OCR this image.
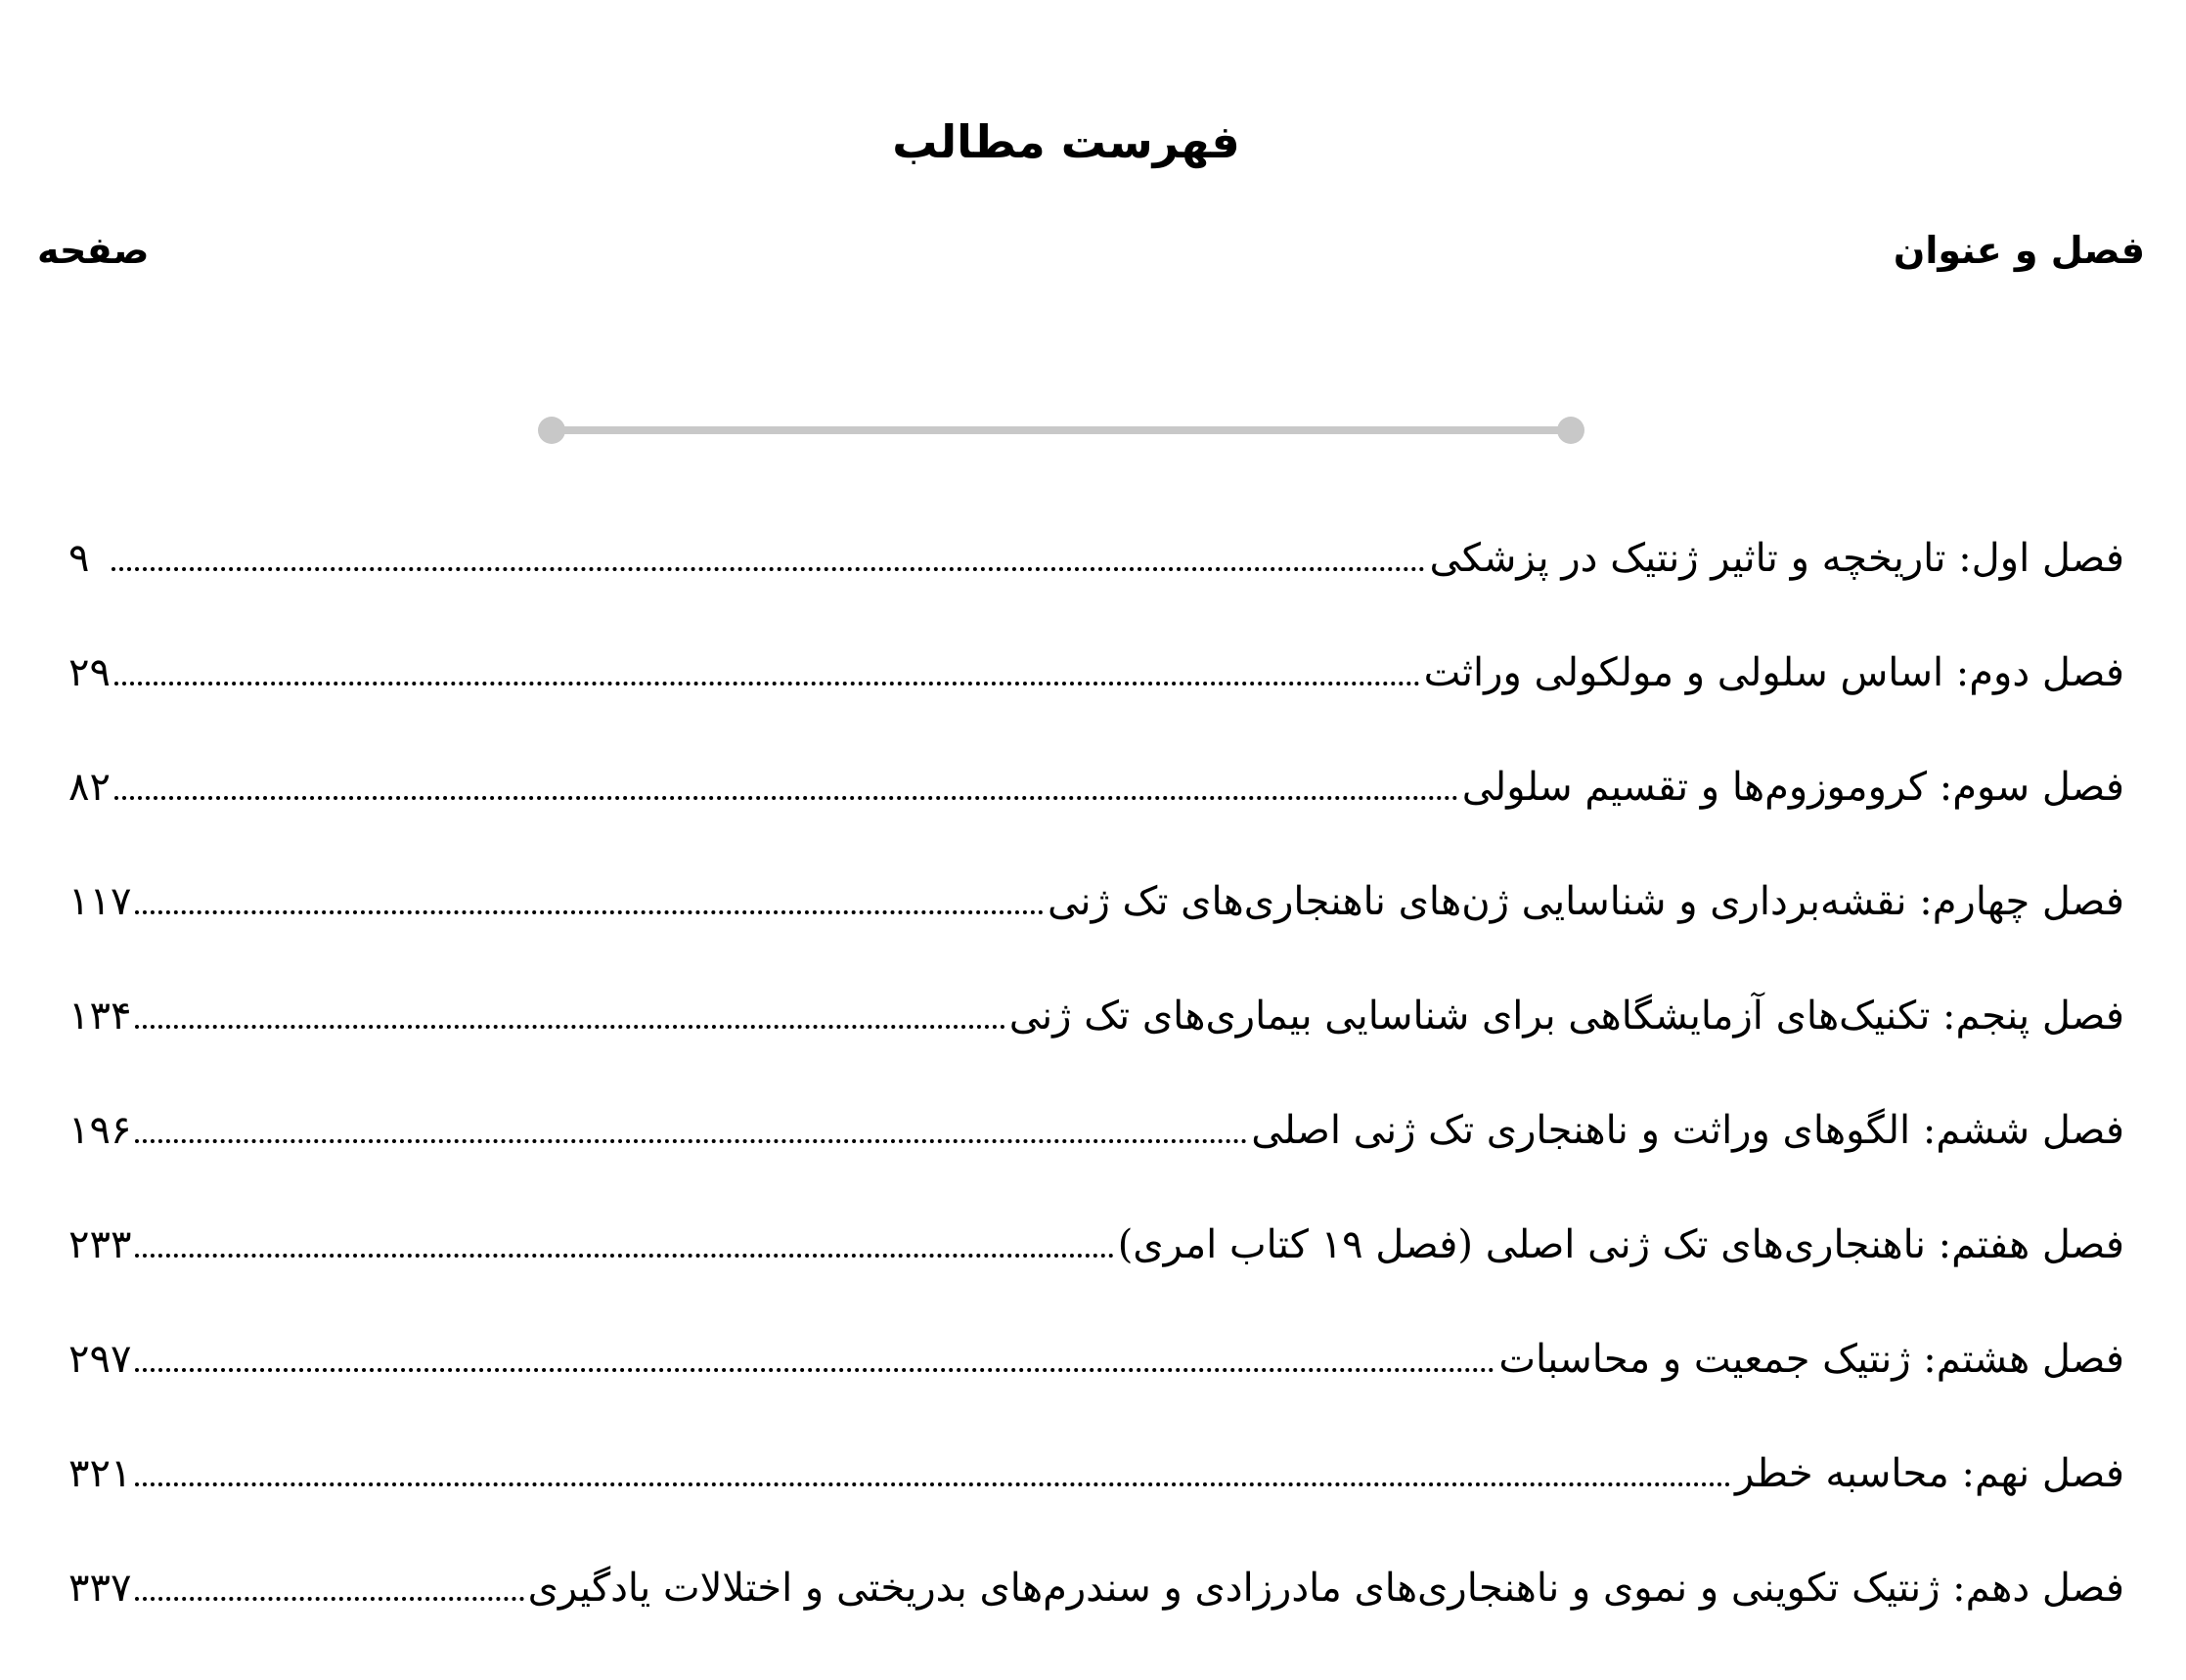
فهرست مطالب
فصل و عنوان
صفحه
فصل اول: تاریخچه و تاثیر ژنتیک در پزشکی
۹
فصل دوم: اساس سلولی و مولکولی وراثت
۲۹
فصل سوم: کروموزوم‌ها و تقسیم سلولی
۸۲
فصل چهارم: نقشه‌برداری و شناسایی ژن‌های ناهنجاری‌های تک ژنی
۱۱۷
فصل پنجم: تکنیک‌های آزمایشگاهی برای شناسایی بیماری‌های تک ژنی
۱۳۴
فصل ششم: الگوهای وراثت و ناهنجاری تک ژنی اصلی
۱۹۶
فصل هفتم: ناهنجاری‌های تک ژنی اصلی (فصل ۱۹ کتاب امری)
۲۳۳
فصل هشتم: ژنتیک جمعیت و محاسبات
۲۹۷
فصل نهم: محاسبه خطر
۳۲۱
فصل دهم: ژنتیک تکوینی و نموی و ناهنجاری‌های مادرزادی و سندرم‌های بدریختی و اختلالات یادگیری
۳۳۷
